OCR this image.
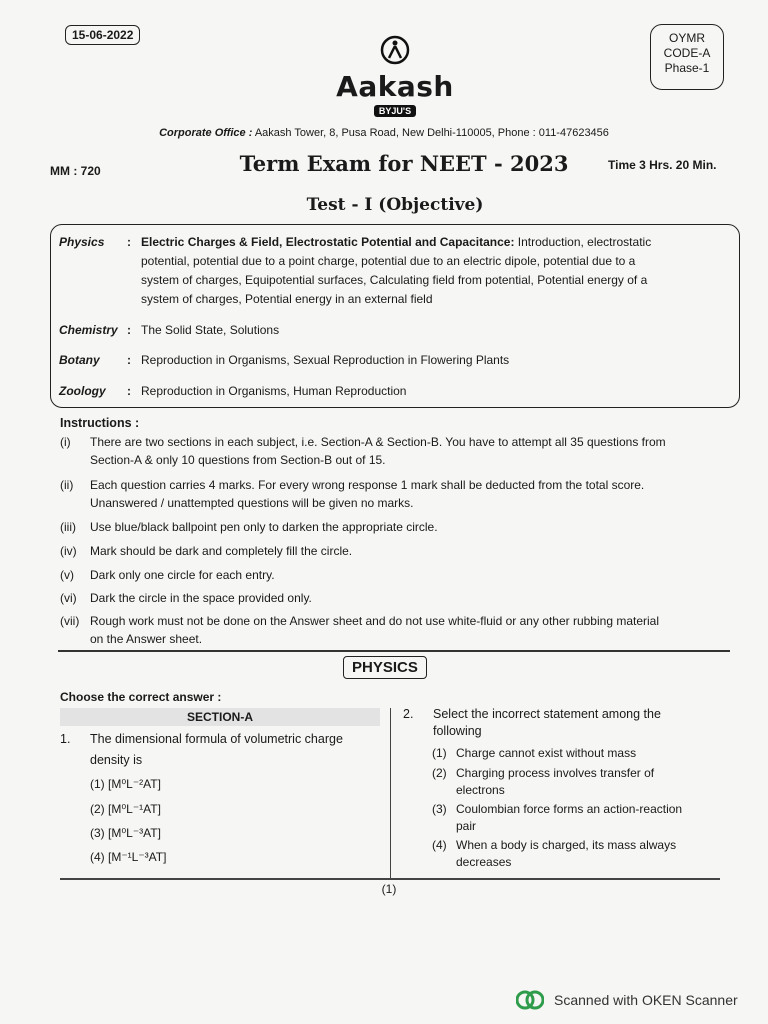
15-06-2022	OYMR
CODE-A
Phase-1
Aakash
BYJU'S
Corporate Office : Aakash Tower, 8, Pusa Road, New Delhi-110005, Phone : 011-47623456
MM : 720	Term Exam for NEET - 2023	Time 3 Hrs. 20 Min.
Test - I (Objective)
Physics	: Electric Charges & Field, Electrostatic Potential and Capacitance: Introduction, electrostatic
potential, potential due to a point charge, potential due to an electric dipole, potential due to a
system of charges, Equipotential surfaces, Calculating field from potential, Potential energy of a
system of charges, Potential energy in an external field
Chemistry : The Solid State, Solutions
Botany	: Reproduction in Organisms, Sexual Reproduction in Flowering Plants
Zoology	: Reproduction in Organisms, Human Reproduction
Instructions :
(i)	There are two sections in each subject, i.e. Section-A & Section-B. You have to attempt all 35 questions from
Section-A & only 10 questions from Section-B out of 15.
(ii)	Each question carries 4 marks. For every wrong response 1 mark shall be deducted from the total score.
Unanswered / unattempted questions will be given no marks.
(iii)	Use blue/black ballpoint pen only to darken the appropriate circle.
(iv)	Mark should be dark and completely fill the circle.
(v)	Dark only one circle for each entry.
(vi)	Dark the circle in the space provided only.
(vii) Rough work must not be done on the Answer sheet and do not use white-fluid or any other rubbing material
on the Answer sheet.
PHYSICS
Choose the correct answer :
SECTION-A
1.	The dimensional formula of volumetric charge
density is
(1) [M⁰L⁻²AT]
(2) [M⁰L⁻¹AT]
(3) [M⁰L⁻³AT]
(4) [M⁻¹L⁻³AT]
2.	Select the incorrect statement among the
following
(1) Charge cannot exist without mass
(2) Charging process involves transfer of
electrons
(3) Coulombian force forms an action-reaction
pair
(4) When a body is charged, its mass always
decreases
(1)
Scanned with OKEN Scanner
